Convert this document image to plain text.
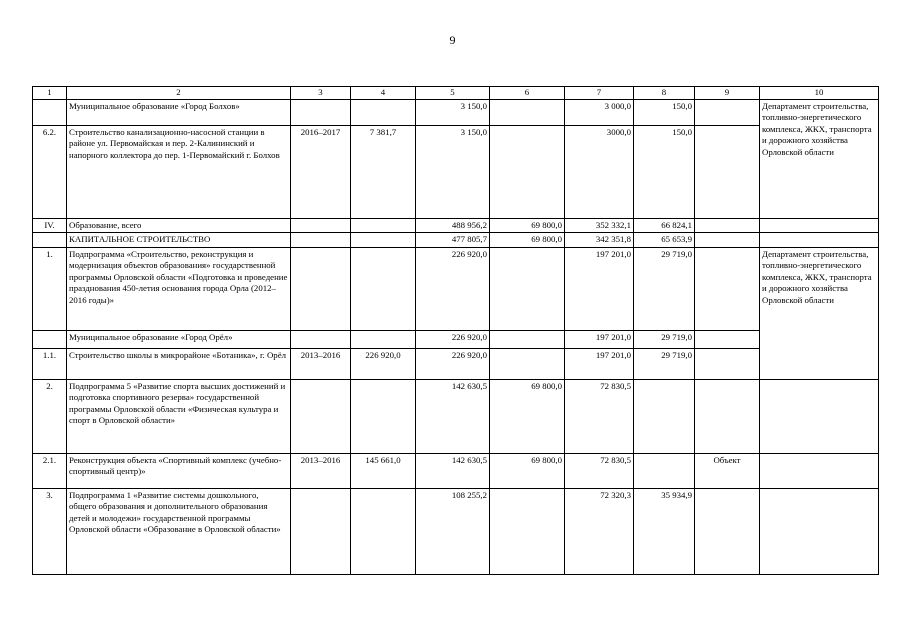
9
1	2	3	4	5	6	7	8	9	10
	Муниципальное образование «Город Болхов»			3 150,0		3 000,0	150,0		Департамент строительства, топливно-энергетического комплекса, ЖКХ, транспорта и дорожного хозяйства Орловской области
6.2.	Строительство канализационно-насосной станции в районе ул. Первомайская и пер. 2-Калининский и напорного коллектора до пер. 1-Первомайский г. Болхов	2016–2017	7 381,7	3 150,0		3000,0	150,0		
IV.	Образование, всего			488 956,2	69 800,0	352 332,1	66 824,1		
	КАПИТАЛЬНОЕ СТРОИТЕЛЬСТВО			477 805,7	69 800,0	342 351,8	65 653,9		
1.	Подпрограмма «Строительство, реконструкция и модернизация объектов образования» государственной программы Орловской области «Подготовка и проведение празднования 450-летия основания города Орла (2012–2016 годы)»			226 920,0		197 201,0	29 719,0		Департамент строительства, топливно-энергетического комплекса, ЖКХ, транспорта и дорожного хозяйства Орловской области
	Муниципальное образование «Город Орёл»			226 920,0		197 201,0	29 719,0		
1.1.	Строительство школы в микрорайоне «Ботаника», г. Орёл	2013–2016	226 920,0	226 920,0		197 201,0	29 719,0		
2.	Подпрограмма 5 «Развитие спорта высших достижений и подготовка спортивного резерва» государственной программы Орловской области «Физическая культура и спорт в Орловской области»			142 630,5	69 800,0	72 830,5			
2.1.	Реконструкция объекта «Спортивный комплекс (учебно-спортивный центр)»	2013–2016	145 661,0	142 630,5	69 800,0	72 830,5		Объект	
3.	Подпрограмма 1 «Развитие системы дошкольного, общего образования и дополнительного образования детей и молодежи» государственной программы Орловской области «Образование в Орловской области»			108 255,2		72 320,3	35 934,9		
